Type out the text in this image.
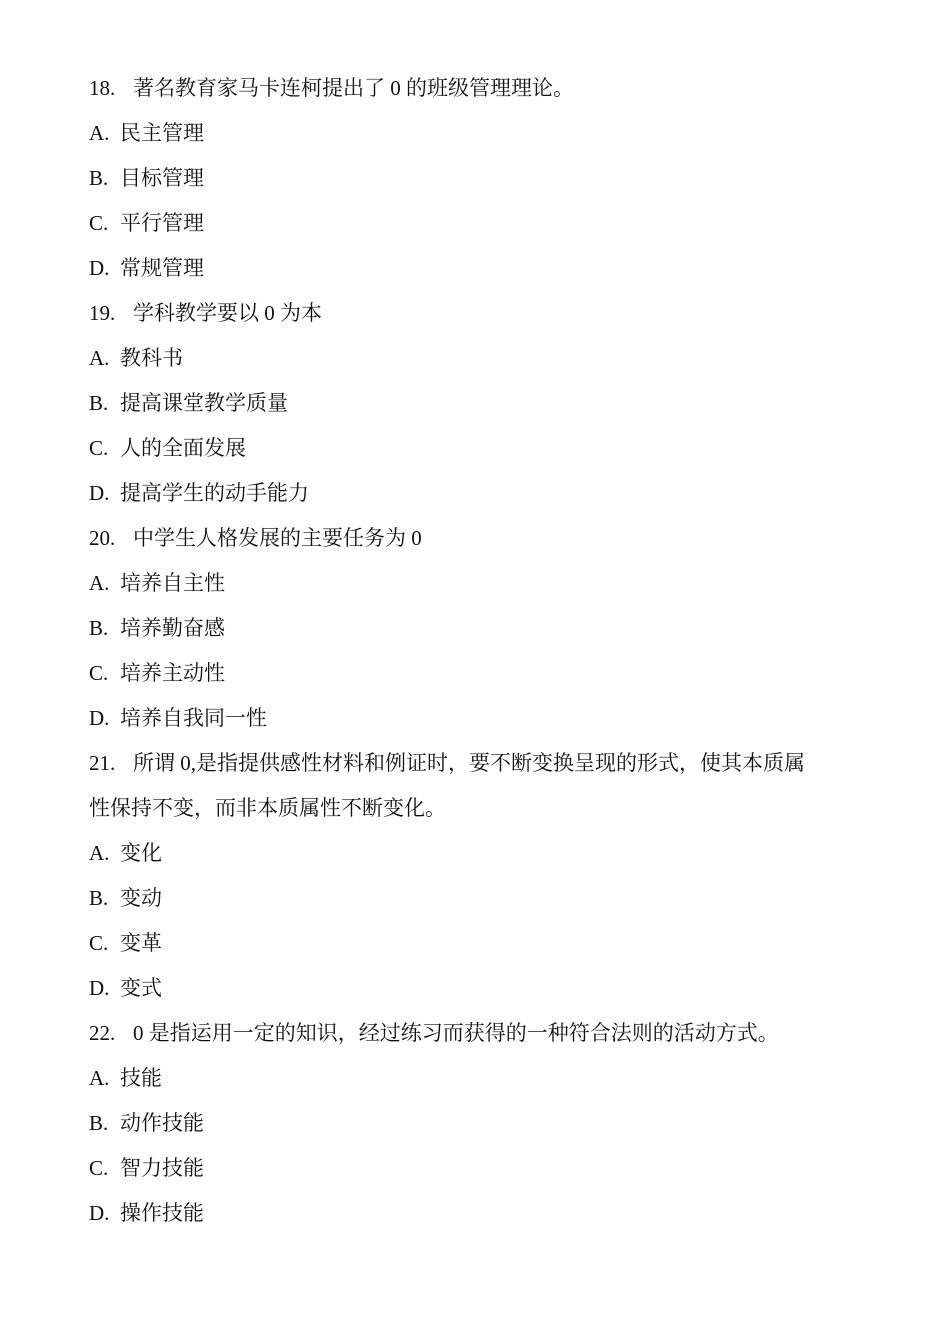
18. 著名教育家马卡连柯提出了 0 的班级管理理论。
A. 民主管理
B. 目标管理
C. 平行管理
D. 常规管理
19. 学科教学要以 0 为本
A. 教科书
B. 提高课堂教学质量
C. 人的全面发展
D. 提高学生的动手能力
20. 中学生人格发展的主要任务为 0
A. 培养自主性
B. 培养勤奋感
C. 培养主动性
D. 培养自我同一性
21. 所谓 0,是指提供感性材料和例证时，要不断变换呈现的形式，使其本质属
性保持不变，而非本质属性不断变化。
A. 变化
B. 变动
C. 变革
D. 变式
22. 0 是指运用一定的知识，经过练习而获得的一种符合法则的活动方式。
A. 技能
B. 动作技能
C. 智力技能
D. 操作技能
